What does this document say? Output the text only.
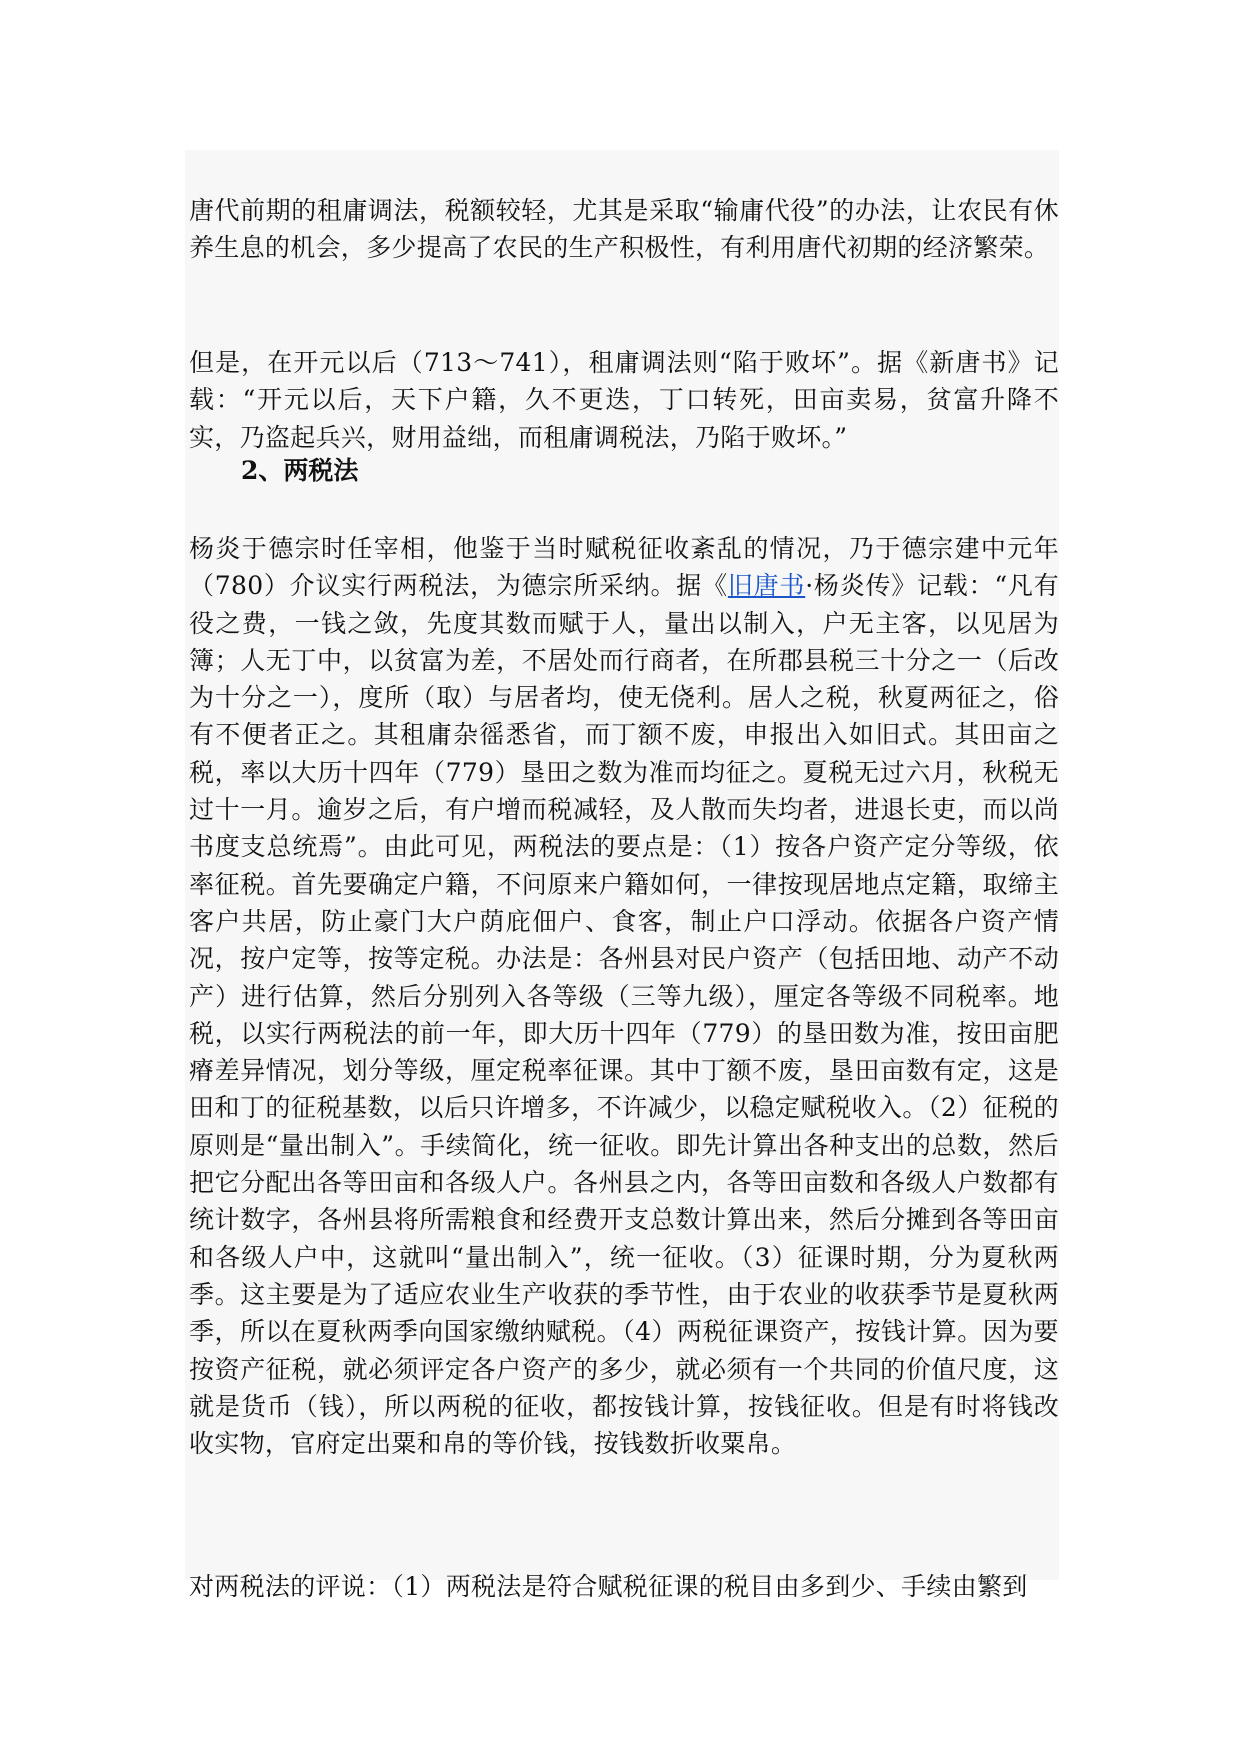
唐代前期的租庸调法，税额较轻，尤其是采取“输庸代役”的办法，让农民有休养生息的机会，多少提高了农民的生产积极性，有利用唐代初期的经济繁荣。

但是，在开元以后（713～741），租庸调法则“陷于败坏”。据《新唐书》记载：“开元以后，天下户籍，久不更迭，丁口转死，田亩卖易，贫富升降不实，乃盗起兵兴，财用益绌，而租庸调税法，乃陷于败坏。”

2、两税法

杨炎于德宗时任宰相，他鉴于当时赋税征收紊乱的情况，乃于德宗建中元年（780）介议实行两税法，为德宗所采纳。据《旧唐书·杨炎传》记载：“凡有役之费，一钱之敛，先度其数而赋于人，量出以制入，户无主客，以见居为簿；人无丁中，以贫富为差，不居处而行商者，在所郡县税三十分之一（后改为十分之一），度所（取）与居者均，使无侥利。居人之税，秋夏两征之，俗有不便者正之。其租庸杂徭悉省，而丁额不废，申报出入如旧式。其田亩之税，率以大历十四年（779）垦田之数为准而均征之。夏税无过六月，秋税无过十一月。逾岁之后，有户增而税减轻，及人散而失均者，进退长吏，而以尚书度支总统焉”。由此可见，两税法的要点是：（1）按各户资产定分等级，依率征税。首先要确定户籍，不问原来户籍如何，一律按现居地点定籍，取缔主客户共居，防止豪门大户荫庇佃户、食客，制止户口浮动。依据各户资产情况，按户定等，按等定税。办法是：各州县对民户资产（包括田地、动产不动产）进行估算，然后分别列入各等级（三等九级），厘定各等级不同税率。地税，以实行两税法的前一年，即大历十四年（779）的垦田数为准，按田亩肥瘠差异情况，划分等级，厘定税率征课。其中丁额不废，垦田亩数有定，这是田和丁的征税基数，以后只许增多，不许减少，以稳定赋税收入。（2）征税的原则是“量出制入”。手续简化，统一征收。即先计算出各种支出的总数，然后把它分配出各等田亩和各级人户。各州县之内，各等田亩数和各级人户数都有统计数字，各州县将所需粮食和经费开支总数计算出来，然后分摊到各等田亩和各级人户中，这就叫“量出制入”，统一征收。（3）征课时期，分为夏秋两季。这主要是为了适应农业生产收获的季节性，由于农业的收获季节是夏秋两季，所以在夏秋两季向国家缴纳赋税。（4）两税征课资产，按钱计算。因为要按资产征税，就必须评定各户资产的多少，就必须有一个共同的价值尺度，这就是货币（钱），所以两税的征收，都按钱计算，按钱征收。但是有时将钱改收实物，官府定出粟和帛的等价钱，按钱数折收粟帛。

对两税法的评说：（1）两税法是符合赋税征课的税目由多到少、手续由繁到
